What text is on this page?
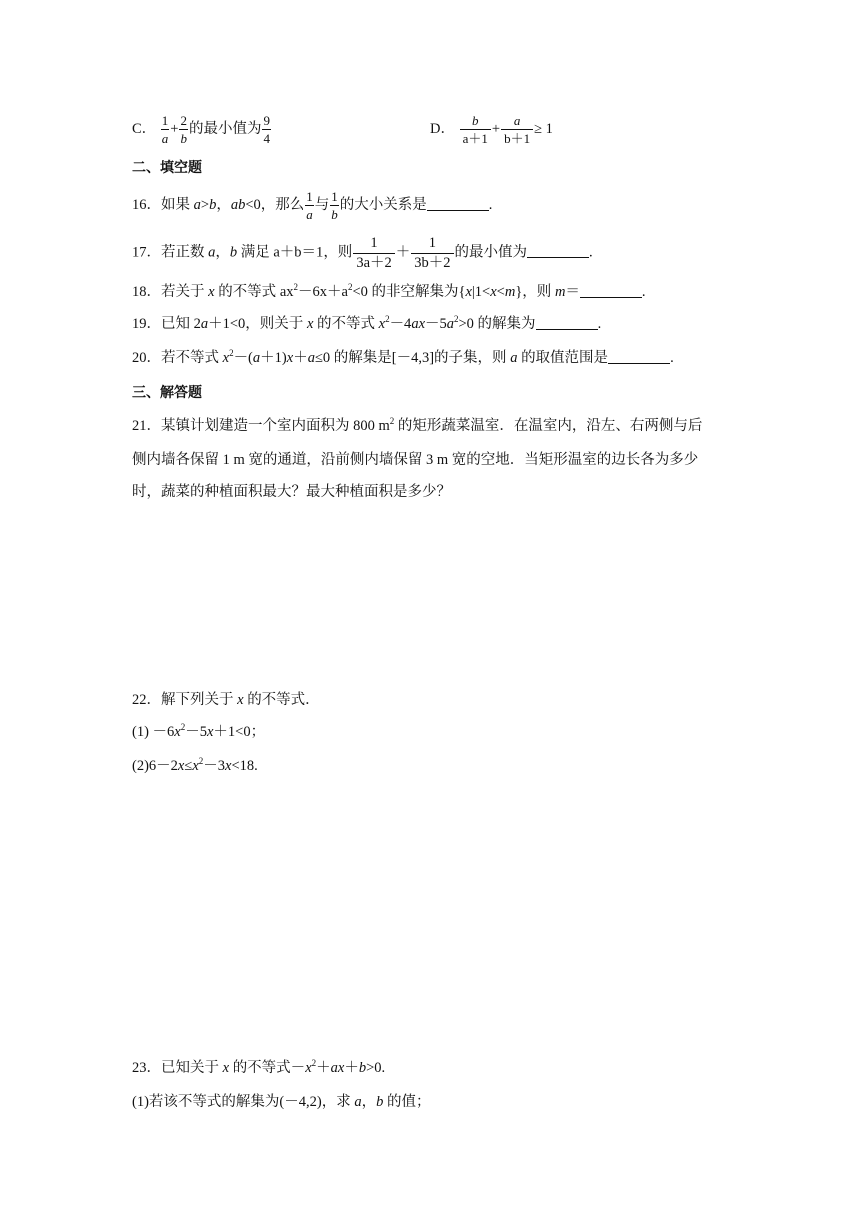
C． $\frac{1}{a} + \frac{2}{b}$ 的最小值为 $\frac{9}{4}$	D． $\frac{b}{a+1} + \frac{a}{b+1} \ge 1$
二、填空题
16．如果 a>b，ab<0，那么 $\frac{1}{a}$ 与 $\frac{1}{b}$ 的大小关系是	.
17．若正数 a，b 满足 a＋b＝1，则 $\frac{1}{3a+2} + \frac{1}{3b+2}$ 的最小值为	.
18．若关于 x 的不等式 $ax^2-6x+a^2<0$ 的非空解集为{x|1<x<m}，则 m＝	.
19．已知 2a＋1<0，则关于 x 的不等式 $x^2-4ax-5a^2>0$ 的解集为	.
20．若不等式 $x^2-(a+1)x+a\le 0$ 的解集是[－4,3]的子集，则 a 的取值范围是	.
三、解答题
21．某镇计划建造一个室内面积为 800 $m^2$ 的矩形蔬菜温室．在温室内，沿左、右两侧与后
侧内墙各保留 1 m 宽的通道，沿前侧内墙保留 3 m 宽的空地．当矩形温室的边长各为多少
时，蔬菜的种植面积最大？最大种植面积是多少？
22．解下列关于 x 的不等式．
$(1) -6x^2-5x+1<0$；
$(2)6-2x\le x^2-3x<18$.
23．已知关于 x 的不等式$-x^2+ax+b>0$.
(1)若该不等式的解集为(－4,2)，求 a，b 的值；
